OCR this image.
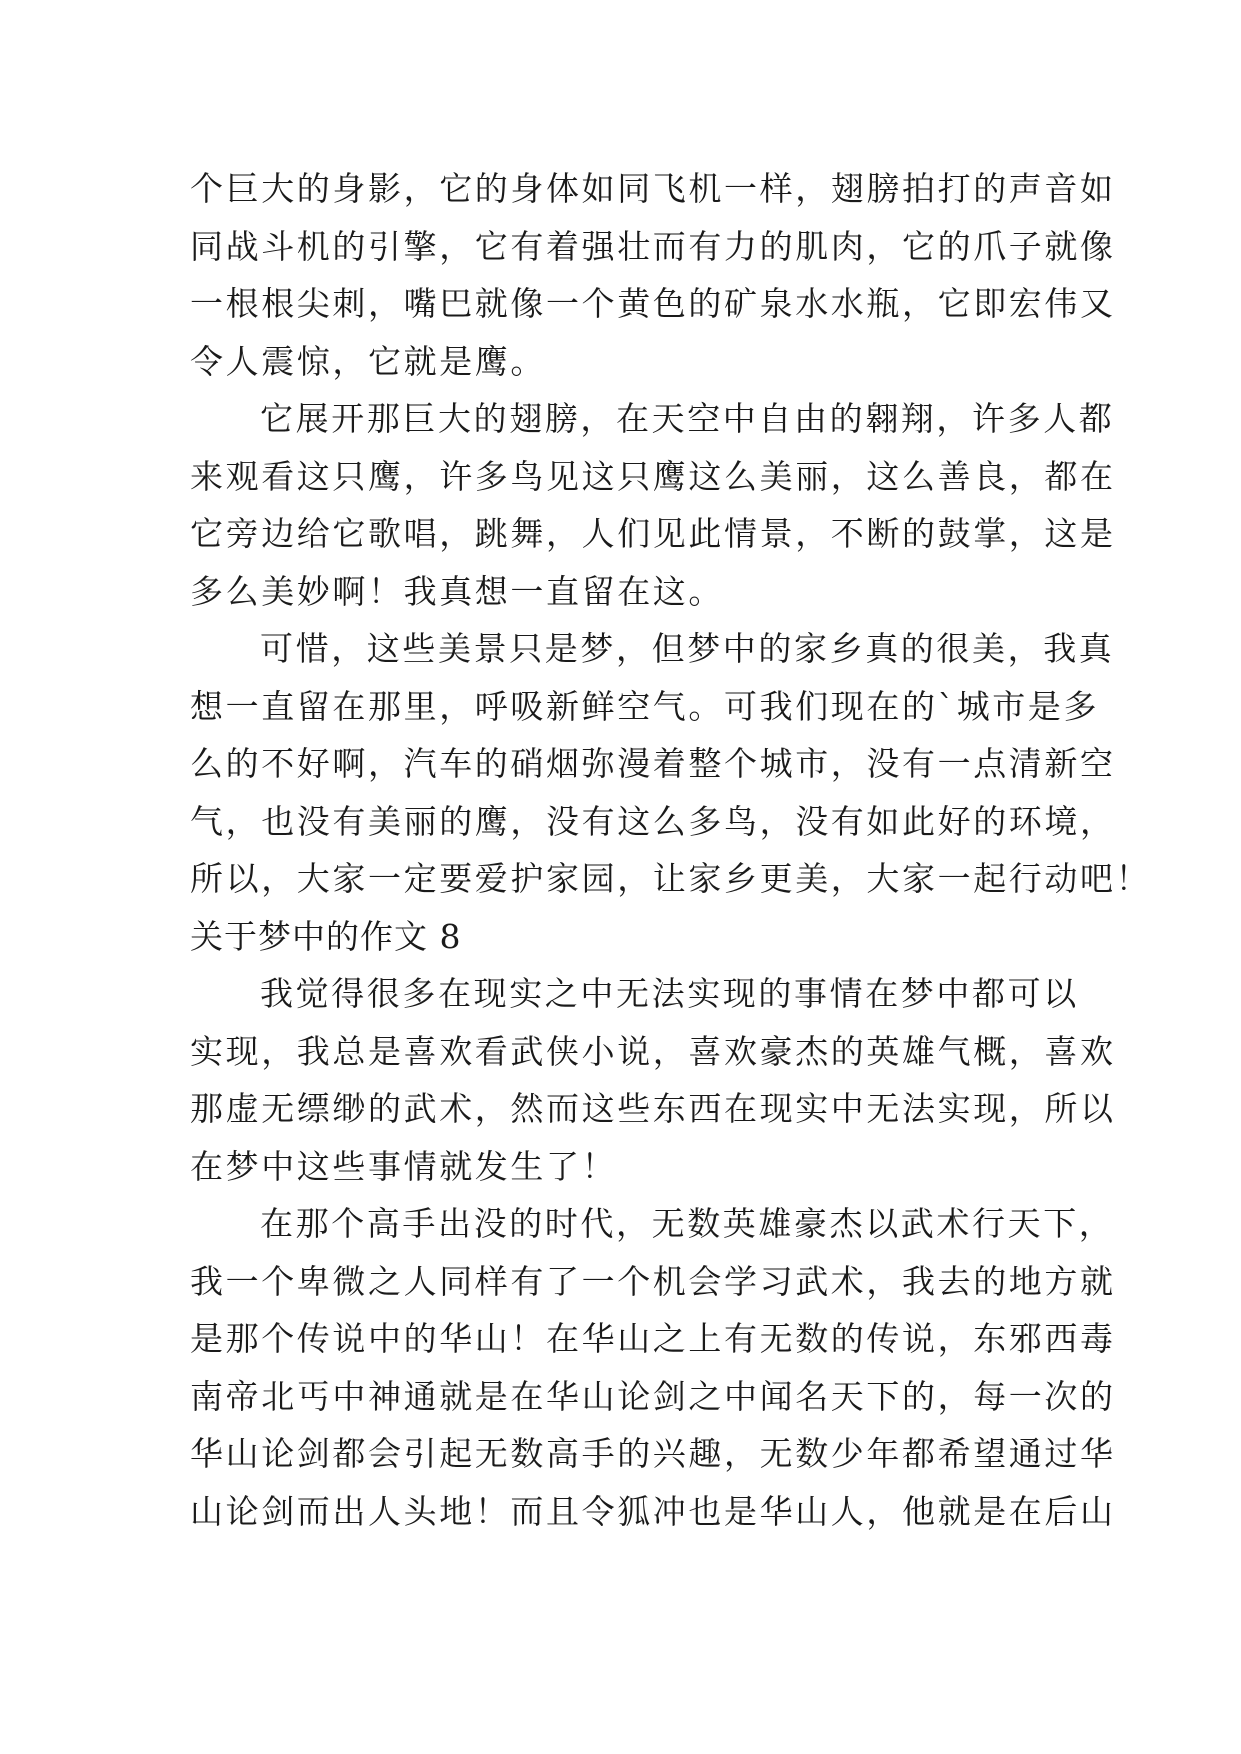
个巨大的身影，它的身体如同飞机一样，翅膀拍打的声音如
同战斗机的引擎，它有着强壮而有力的肌肉，它的爪子就像
一根根尖刺，嘴巴就像一个黄色的矿泉水水瓶，它即宏伟又
令人震惊，它就是鹰。
它展开那巨大的翅膀，在天空中自由的翱翔，许多人都
来观看这只鹰，许多鸟见这只鹰这么美丽，这么善良，都在
它旁边给它歌唱，跳舞，人们见此情景，不断的鼓掌，这是
多么美妙啊！我真想一直留在这。
可惜，这些美景只是梦，但梦中的家乡真的很美，我真
想一直留在那里，呼吸新鲜空气。可我们现在的`城市是多
么的不好啊，汽车的硝烟弥漫着整个城市，没有一点清新空
气，也没有美丽的鹰，没有这么多鸟，没有如此好的环境，
所以，大家一定要爱护家园，让家乡更美，大家一起行动吧！
关于梦中的作文 8
我觉得很多在现实之中无法实现的事情在梦中都可以
实现，我总是喜欢看武侠小说，喜欢豪杰的英雄气概，喜欢
那虚无缥缈的武术，然而这些东西在现实中无法实现，所以
在梦中这些事情就发生了！
在那个高手出没的时代，无数英雄豪杰以武术行天下，
我一个卑微之人同样有了一个机会学习武术，我去的地方就
是那个传说中的华山！在华山之上有无数的传说，东邪西毒
南帝北丐中神通就是在华山论剑之中闻名天下的，每一次的
华山论剑都会引起无数高手的兴趣，无数少年都希望通过华
山论剑而出人头地！而且令狐冲也是华山人，他就是在后山
